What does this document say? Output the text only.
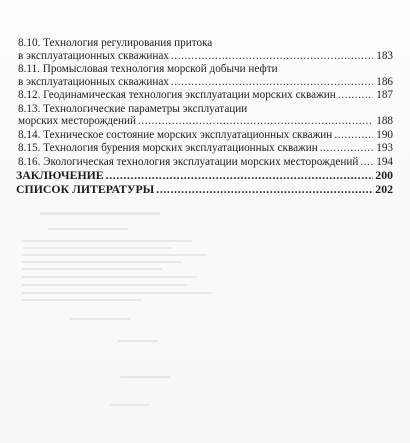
8.10. Технология регулирования притока
в эксплуатационных скважинах .....	183
8.11. Промысловая технология морской добычи нефти
в эксплуатационных скважинах .....	186
8.12. Геодинамическая технология эксплуатации морских скважин .....	187
8.13. Технологические параметры эксплуатации
морских месторождений .....	188
8.14. Техническое состояние морских эксплуатационных скважин .....	190
8.15. Технология бурения морских эксплуатационных скважин .....	193
8.16. Экологическая технология эксплуатации морских месторождений ..... 194
ЗАКЛЮЧЕНИЕ .....	200
СПИСОК ЛИТЕРАТУРЫ .....	202
